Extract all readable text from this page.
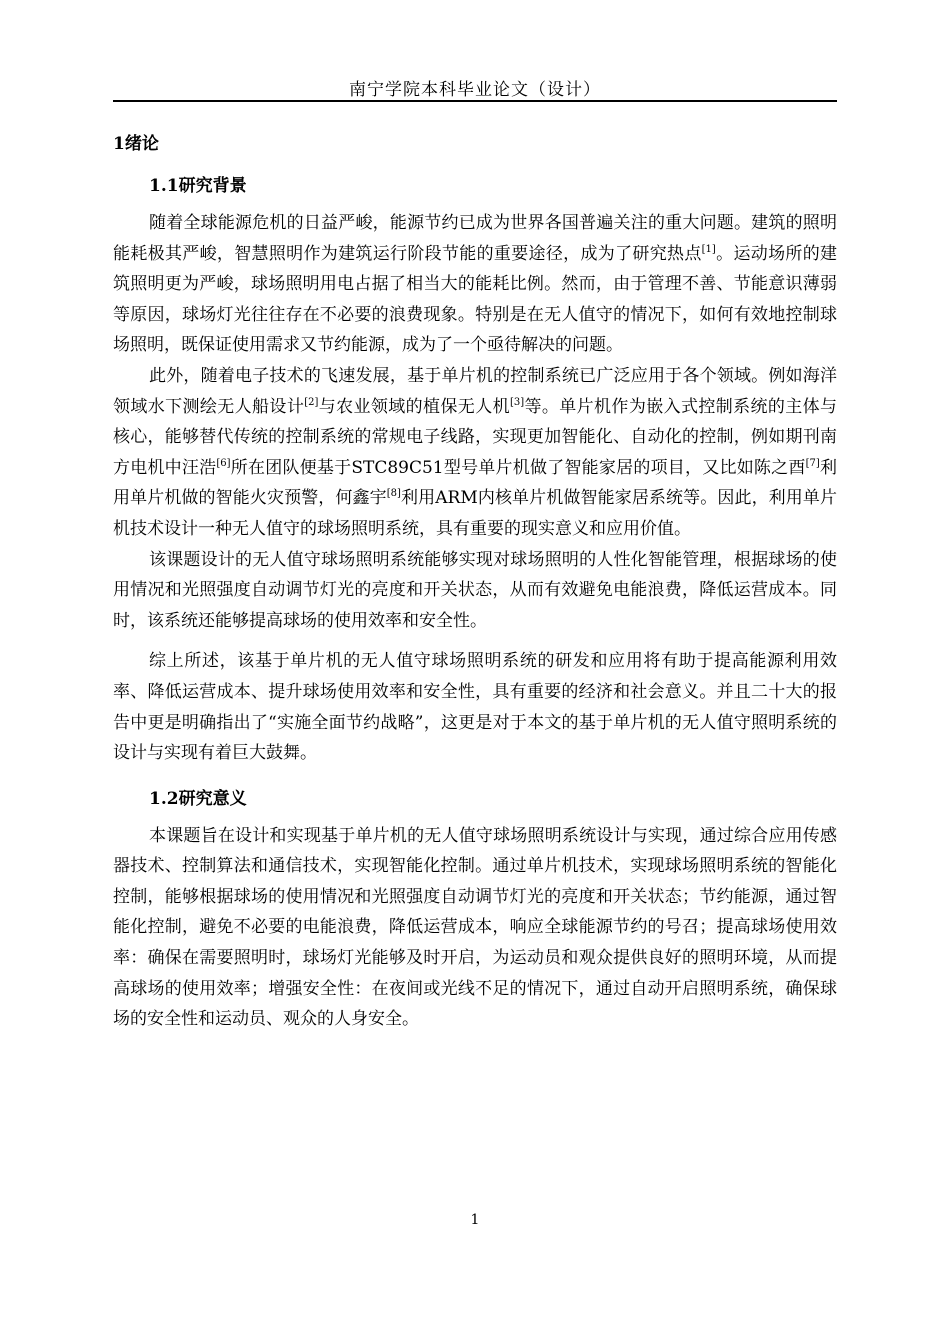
南宁学院本科毕业论文（设计）
1绪论
1.1研究背景

随着全球能源危机的日益严峻，能源节约已成为世界各国普遍关注的重大问题。建筑的照明能耗极其严峻，智慧照明作为建筑运行阶段节能的重要途径，成为了研究热点[1]。运动场所的建筑照明更为严峻，球场照明用电占据了相当大的能耗比例。然而，由于管理不善、节能意识薄弱等原因，球场灯光往往存在不必要的浪费现象。特别是在无人值守的情况下，如何有效地控制球场照明，既保证使用需求又节约能源，成为了一个亟待解决的问题。

此外，随着电子技术的飞速发展，基于单片机的控制系统已广泛应用于各个领域。例如海洋领域水下测绘无人船设计[2]与农业领域的植保无人机[3]等。单片机作为嵌入式控制系统的主体与核心，能够替代传统的控制系统的常规电子线路，实现更加智能化、自动化的控制，例如期刊南方电机中汪浩[6]所在团队便基于STC89C51型号单片机做了智能家居的项目，又比如陈之酉[7]利用单片机做的智能火灾预警，何鑫宇[8]利用ARM内核单片机做智能家居系统等。因此，利用单片机技术设计一种无人值守的球场照明系统，具有重要的现实意义和应用价值。

该课题设计的无人值守球场照明系统能够实现对球场照明的人性化智能管理，根据球场的使用情况和光照强度自动调节灯光的亮度和开关状态，从而有效避免电能浪费，降低运营成本。同时，该系统还能够提高球场的使用效率和安全性。

综上所述，该基于单片机的无人值守球场照明系统的研发和应用将有助于提高能源利用效率、降低运营成本、提升球场使用效率和安全性，具有重要的经济和社会意义。并且二十大的报告中更是明确指出了“实施全面节约战略”，这更是对于本文的基于单片机的无人值守照明系统的设计与实现有着巨大鼓舞。

1.2研究意义

本课题旨在设计和实现基于单片机的无人值守球场照明系统设计与实现，通过综合应用传感器技术、控制算法和通信技术，实现智能化控制。通过单片机技术，实现球场照明系统的智能化控制，能够根据球场的使用情况和光照强度自动调节灯光的亮度和开关状态；节约能源，通过智能化控制，避免不必要的电能浪费，降低运营成本，响应全球能源节约的号召；提高球场使用效率：确保在需要照明时，球场灯光能够及时开启，为运动员和观众提供良好的照明环境，从而提高球场的使用效率；增强安全性：在夜间或光线不足的情况下，通过自动开启照明系统，确保球场的安全性和运动员、观众的人身安全。

1
